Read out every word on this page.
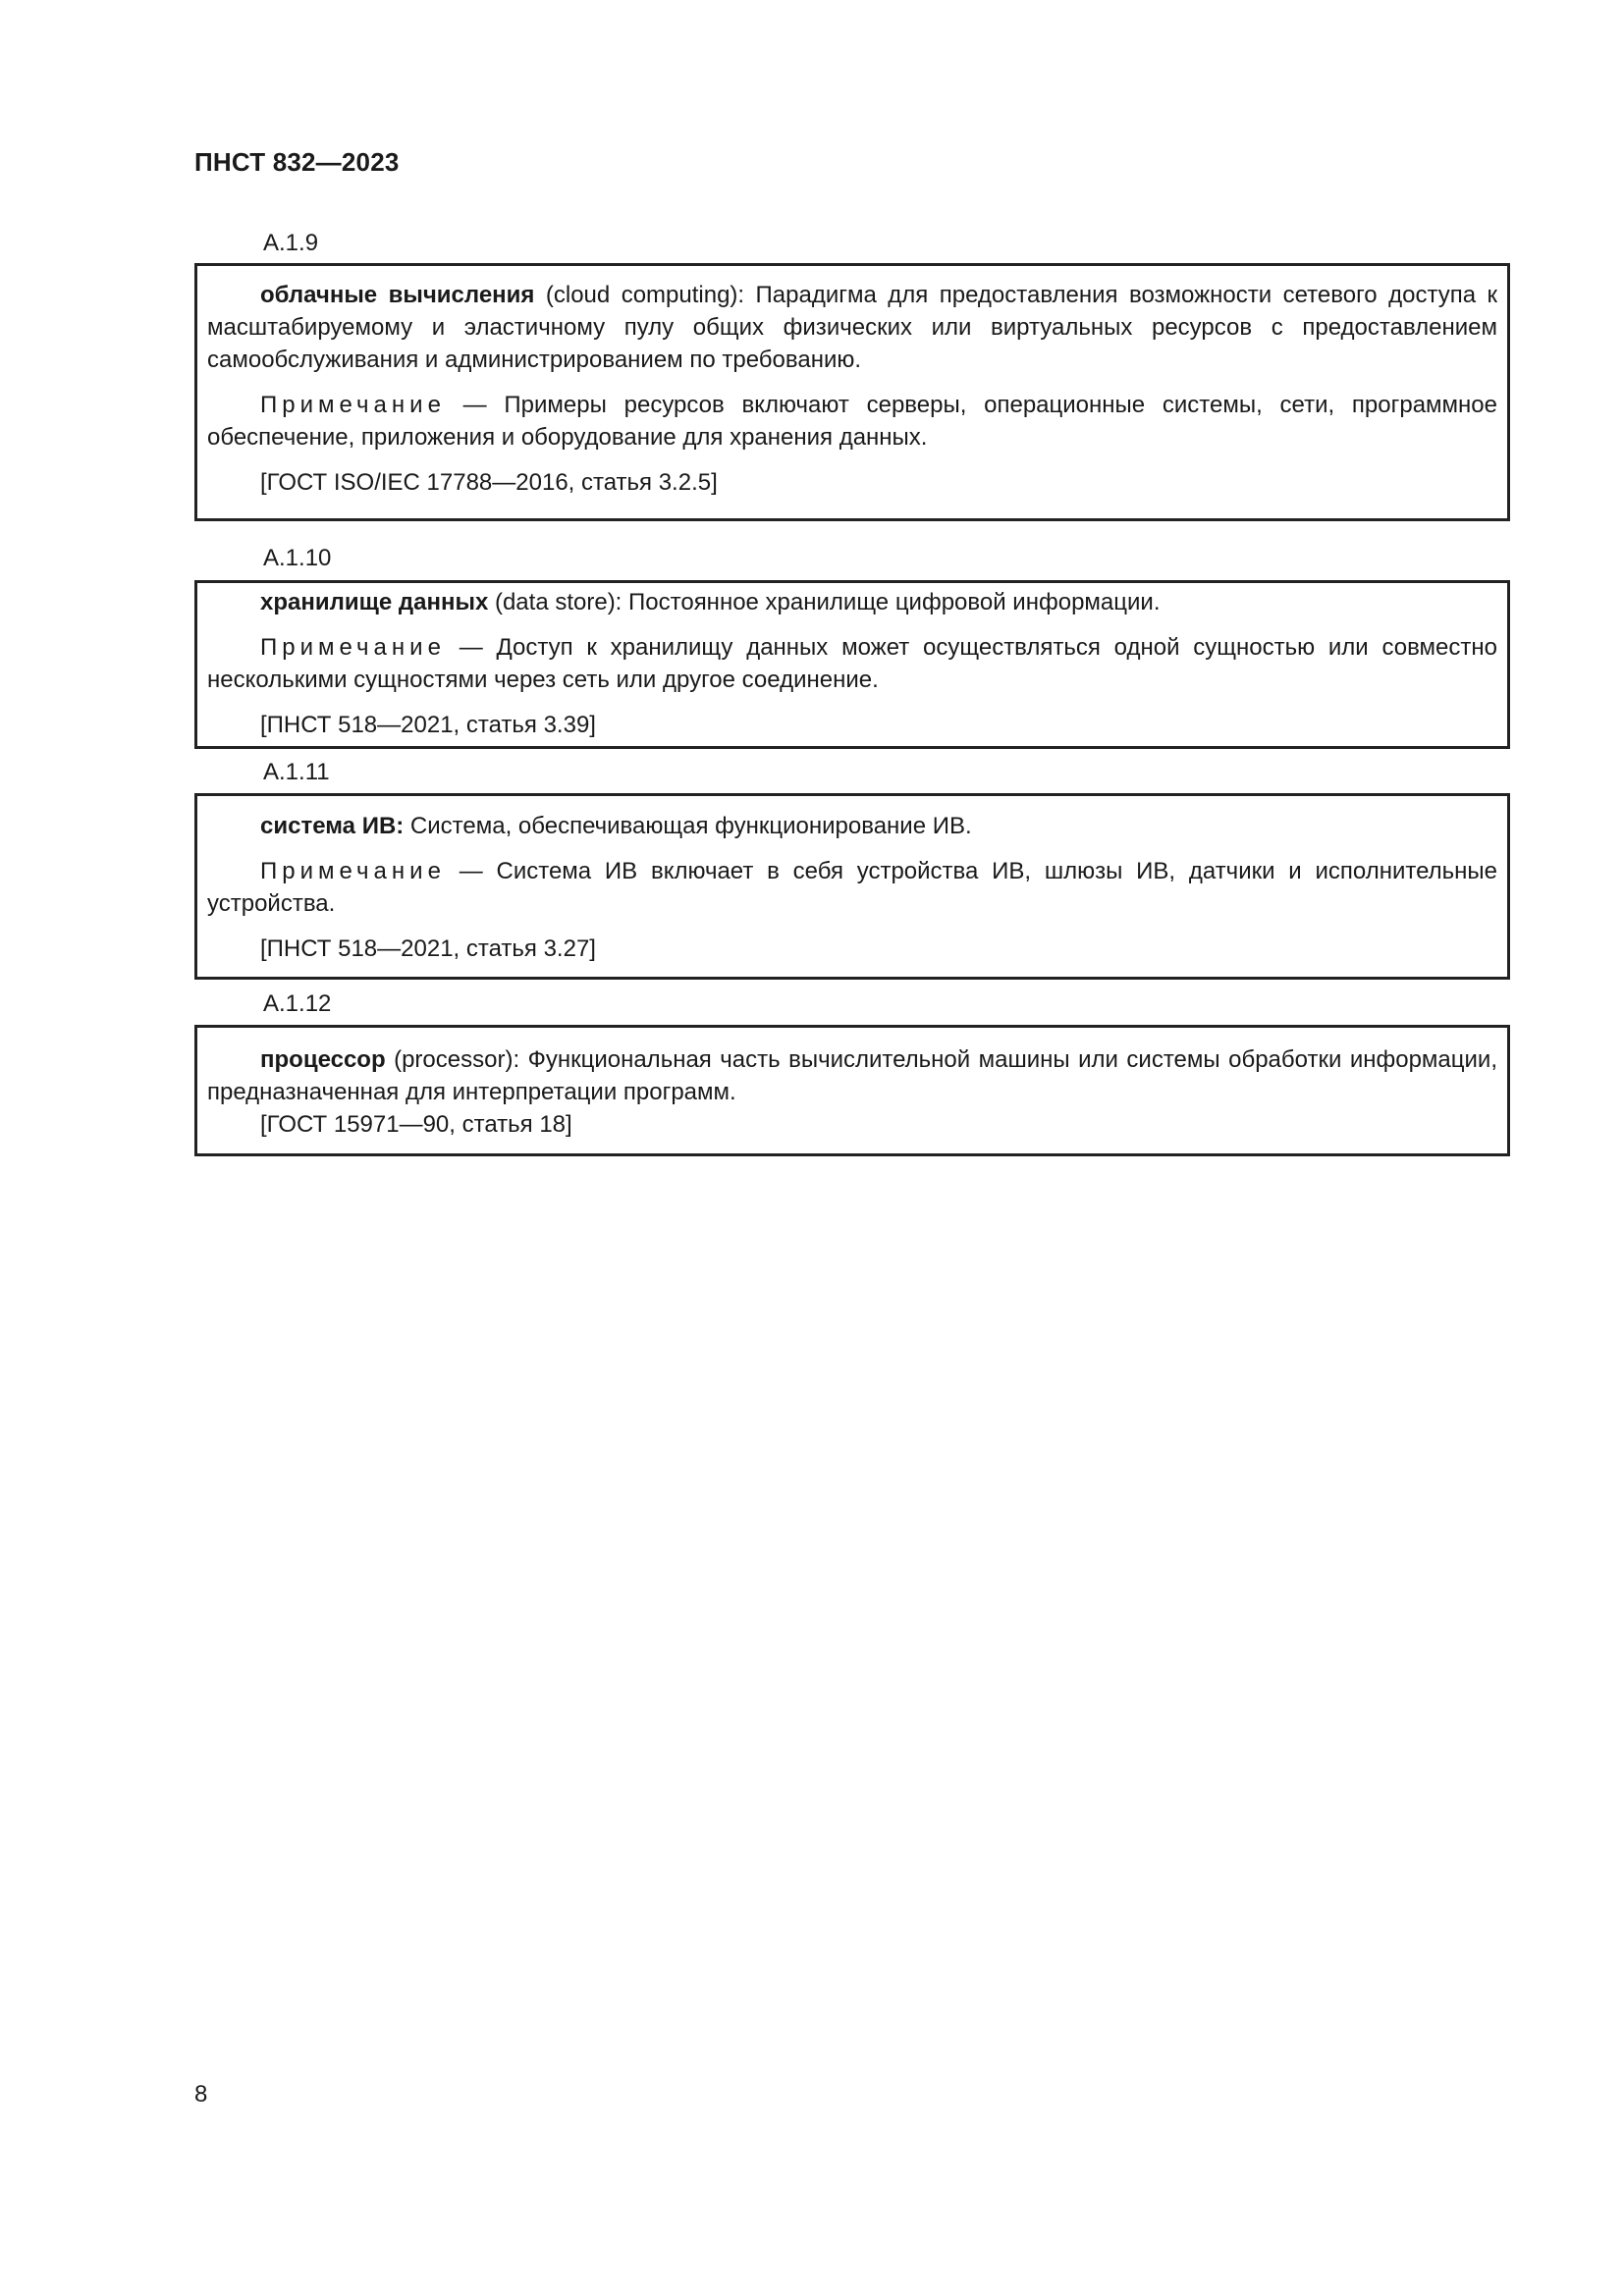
ПНСТ 832—2023
А.1.9

облачные вычисления (cloud computing): Парадигма для предоставления возможности сетевого доступа к масштабируемому и эластичному пулу общих физических или виртуальных ресурсов с предоставлением самообслуживания и администрированием по требованию.

Примечание — Примеры ресурсов включают серверы, операционные системы, сети, программное обеспечение, приложения и оборудование для хранения данных.

[ГОСТ ISO/IEC 17788—2016, статья 3.2.5]

А.1.10

хранилище данных (data store): Постоянное хранилище цифровой информации.

Примечание — Доступ к хранилищу данных может осуществляться одной сущностью или совместно несколькими сущностями через сеть или другое соединение.

[ПНСТ 518—2021, статья 3.39]

А.1.11

система ИВ: Система, обеспечивающая функционирование ИВ.

Примечание — Система ИВ включает в себя устройства ИВ, шлюзы ИВ, датчики и исполнительные устройства.

[ПНСТ 518—2021, статья 3.27]

А.1.12

процессор (processor): Функциональная часть вычислительной машины или системы обработки информации, предназначенная для интерпретации программ.

[ГОСТ 15971—90, статья 18]

8
